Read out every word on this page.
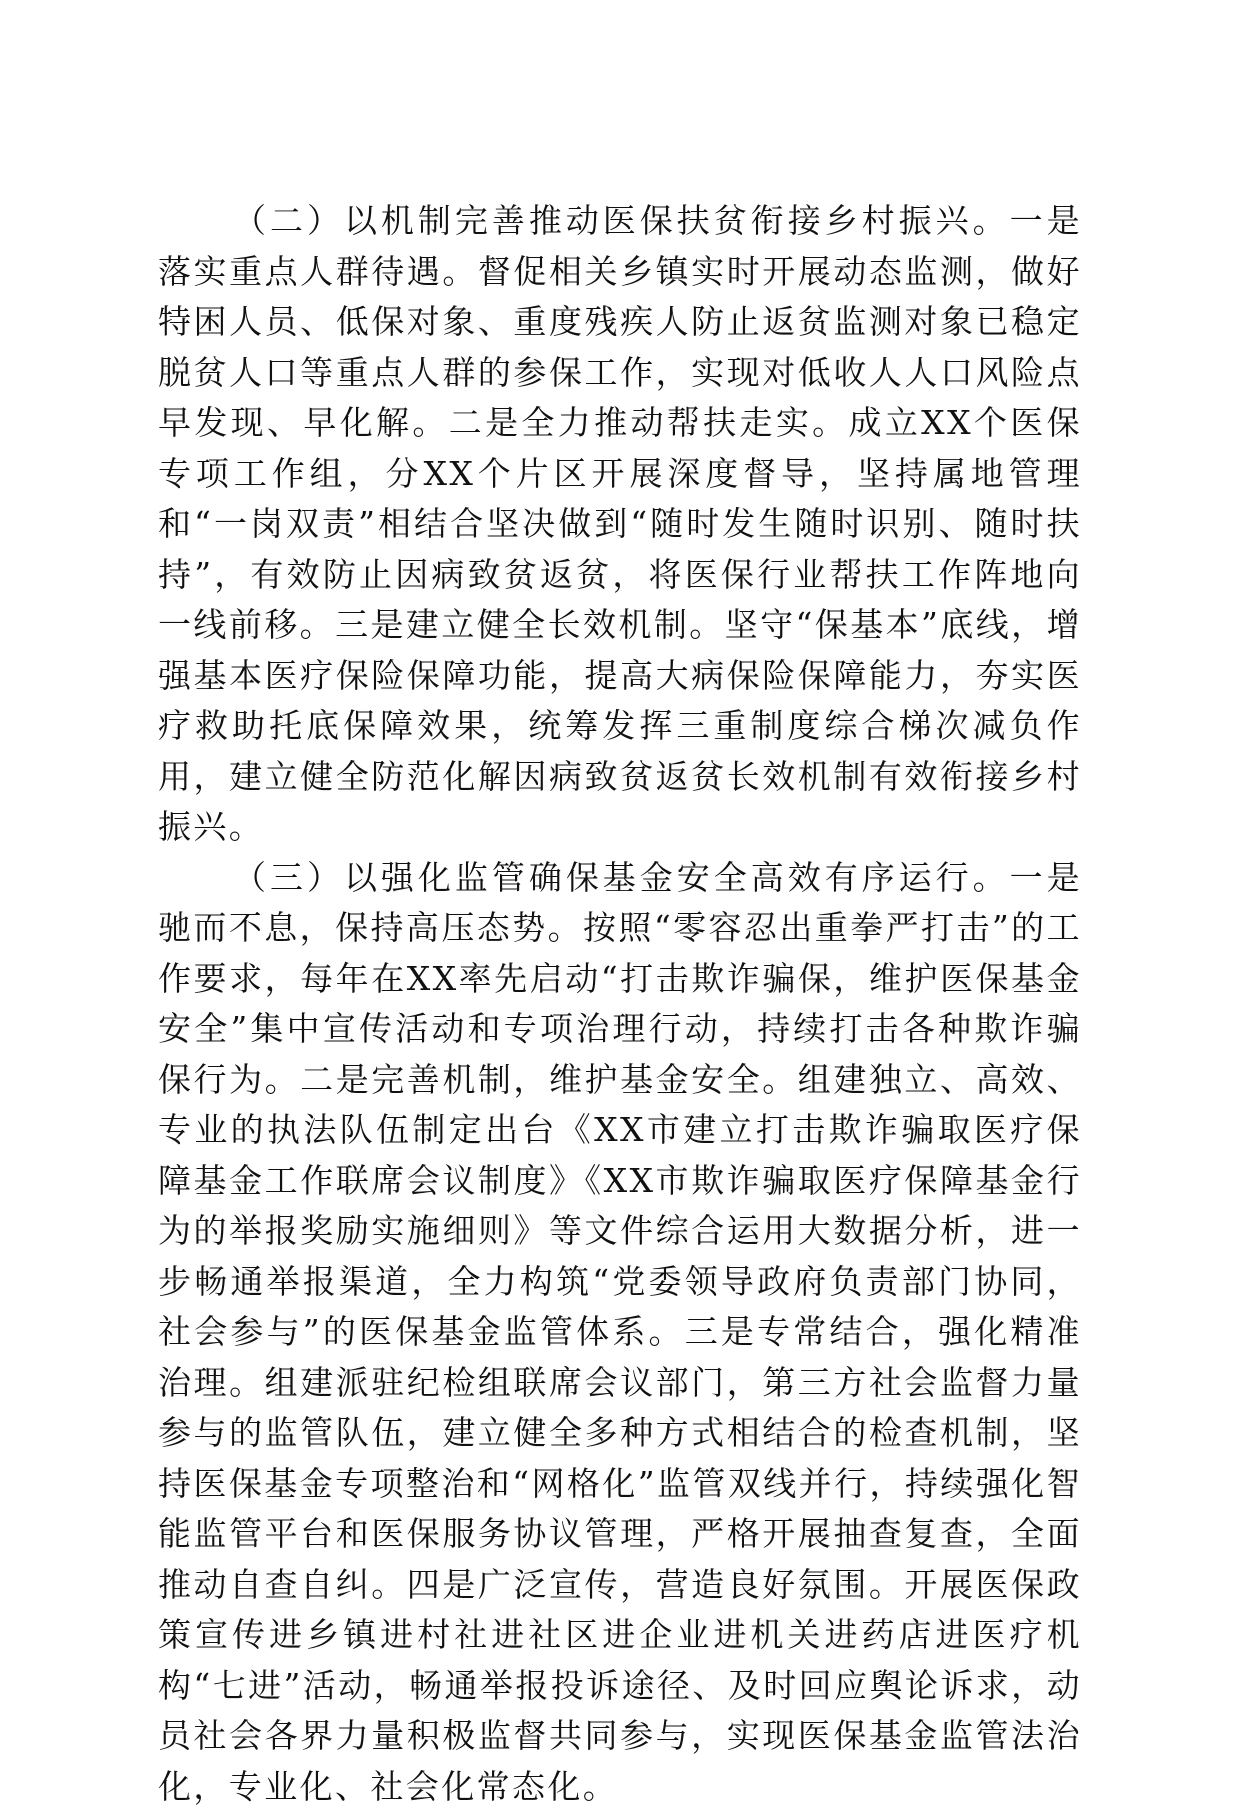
（二）以机制完善推动医保扶贫衔接乡村振兴。一是落实重点人群待遇。督促相关乡镇实时开展动态监测，做好特困人员、低保对象、重度残疾人防止返贫监测对象已稳定脱贫人口等重点人群的参保工作，实现对低收人人口风险点早发现、早化解。二是全力推动帮扶走实。成立XX个医保专项工作组，分XX个片区开展深度督导，坚持属地管理和“一岗双责”相结合坚决做到“随时发生随时识别、随时扶持”，有效防止因病致贫返贫，将医保行业帮扶工作阵地向一线前移。三是建立健全长效机制。坚守“保基本”底线，增强基本医疗保险保障功能，提高大病保险保障能力，夯实医疗救助托底保障效果，统筹发挥三重制度综合梯次减负作用，建立健全防范化解因病致贫返贫长效机制有效衔接乡村振兴。

（三）以强化监管确保基金安全高效有序运行。一是驰而不息，保持高压态势。按照“零容忍出重拳严打击”的工作要求，每年在XX率先启动“打击欺诈骗保，维护医保基金安全”集中宣传活动和专项治理行动，持续打击各种欺诈骗保行为。二是完善机制，维护基金安全。组建独立、高效、专业的执法队伍制定出台《XX市建立打击欺诈骗取医疗保障基金工作联席会议制度》《XX市欺诈骗取医疗保障基金行为的举报奖励实施细则》等文件综合运用大数据分析，进一步畅通举报渠道，全力构筑“党委领导政府负责部门协同，社会参与”的医保基金监管体系。三是专常结合，强化精准治理。组建派驻纪检组联席会议部门，第三方社会监督力量参与的监管队伍，建立健全多种方式相结合的检查机制，坚持医保基金专项整治和“网格化”监管双线并行，持续强化智能监管平台和医保服务协议管理，严格开展抽查复查，全面推动自查自纠。四是广泛宣传，营造良好氛围。开展医保政策宣传进乡镇进村社进社区进企业进机关进药店进医疗机构“七进”活动，畅通举报投诉途径、及时回应舆论诉求，动员社会各界力量积极监督共同参与，实现医保基金监管法治化，专业化、社会化常态化。
